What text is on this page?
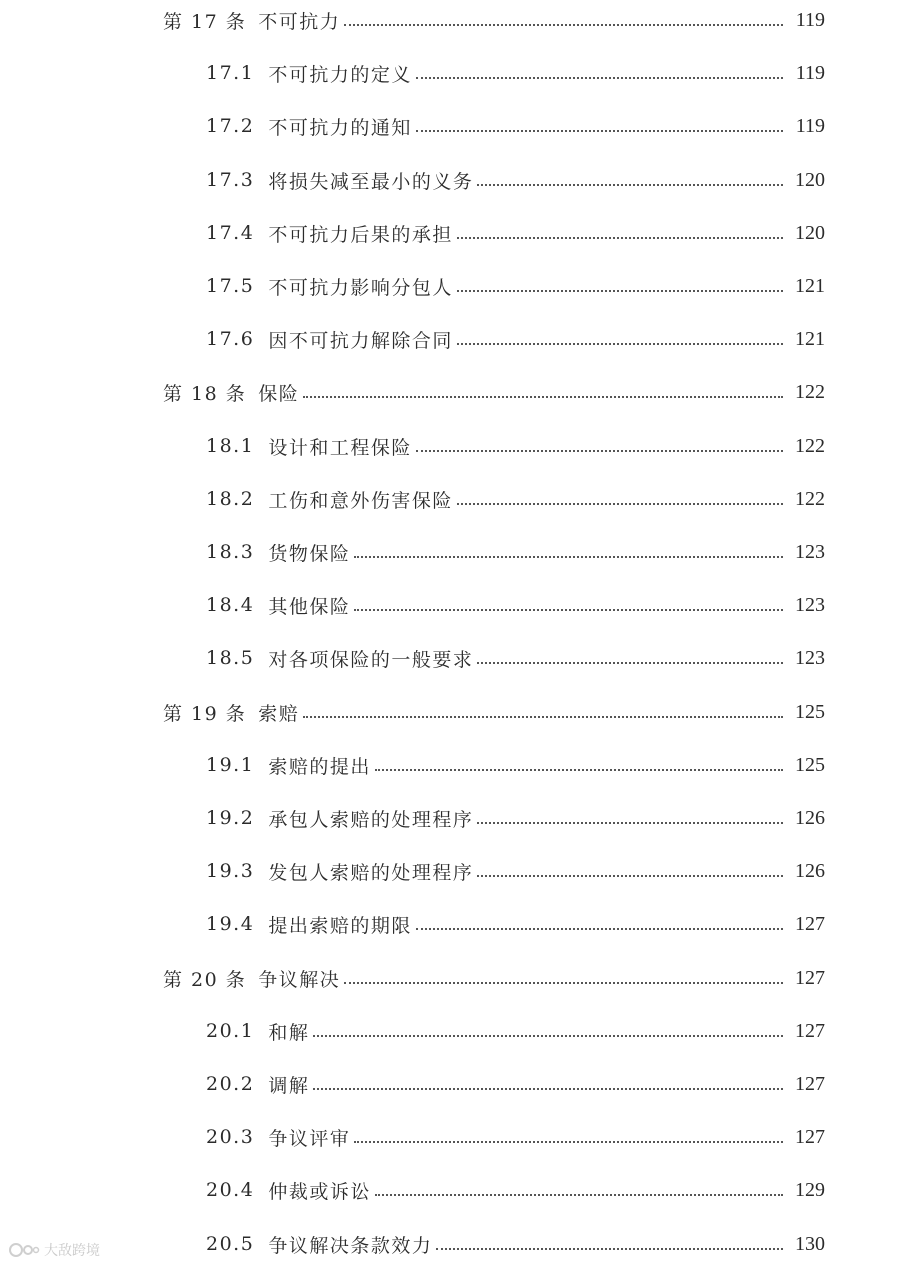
第 17 条 不可抗力	119
17.1 不可抗力的定义	119
17.2 不可抗力的通知	119
17.3 将损失减至最小的义务	120
17.4 不可抗力后果的承担	120
17.5 不可抗力影响分包人	121
17.6 因不可抗力解除合同	121
第 18 条 保险	122
18.1 设计和工程保险	122
18.2 工伤和意外伤害保险	122
18.3 货物保险	123
18.4 其他保险	123
18.5 对各项保险的一般要求	123
第 19 条 索赔	125
19.1 索赔的提出	125
19.2 承包人索赔的处理程序	126
19.3 发包人索赔的处理程序	126
19.4 提出索赔的期限	127
第 20 条 争议解决	127
20.1 和解	127
20.2 调解	127
20.3 争议评审	127
20.4 仲裁或诉讼	129
20.5 争议解决条款效力	130
大敌跨境
